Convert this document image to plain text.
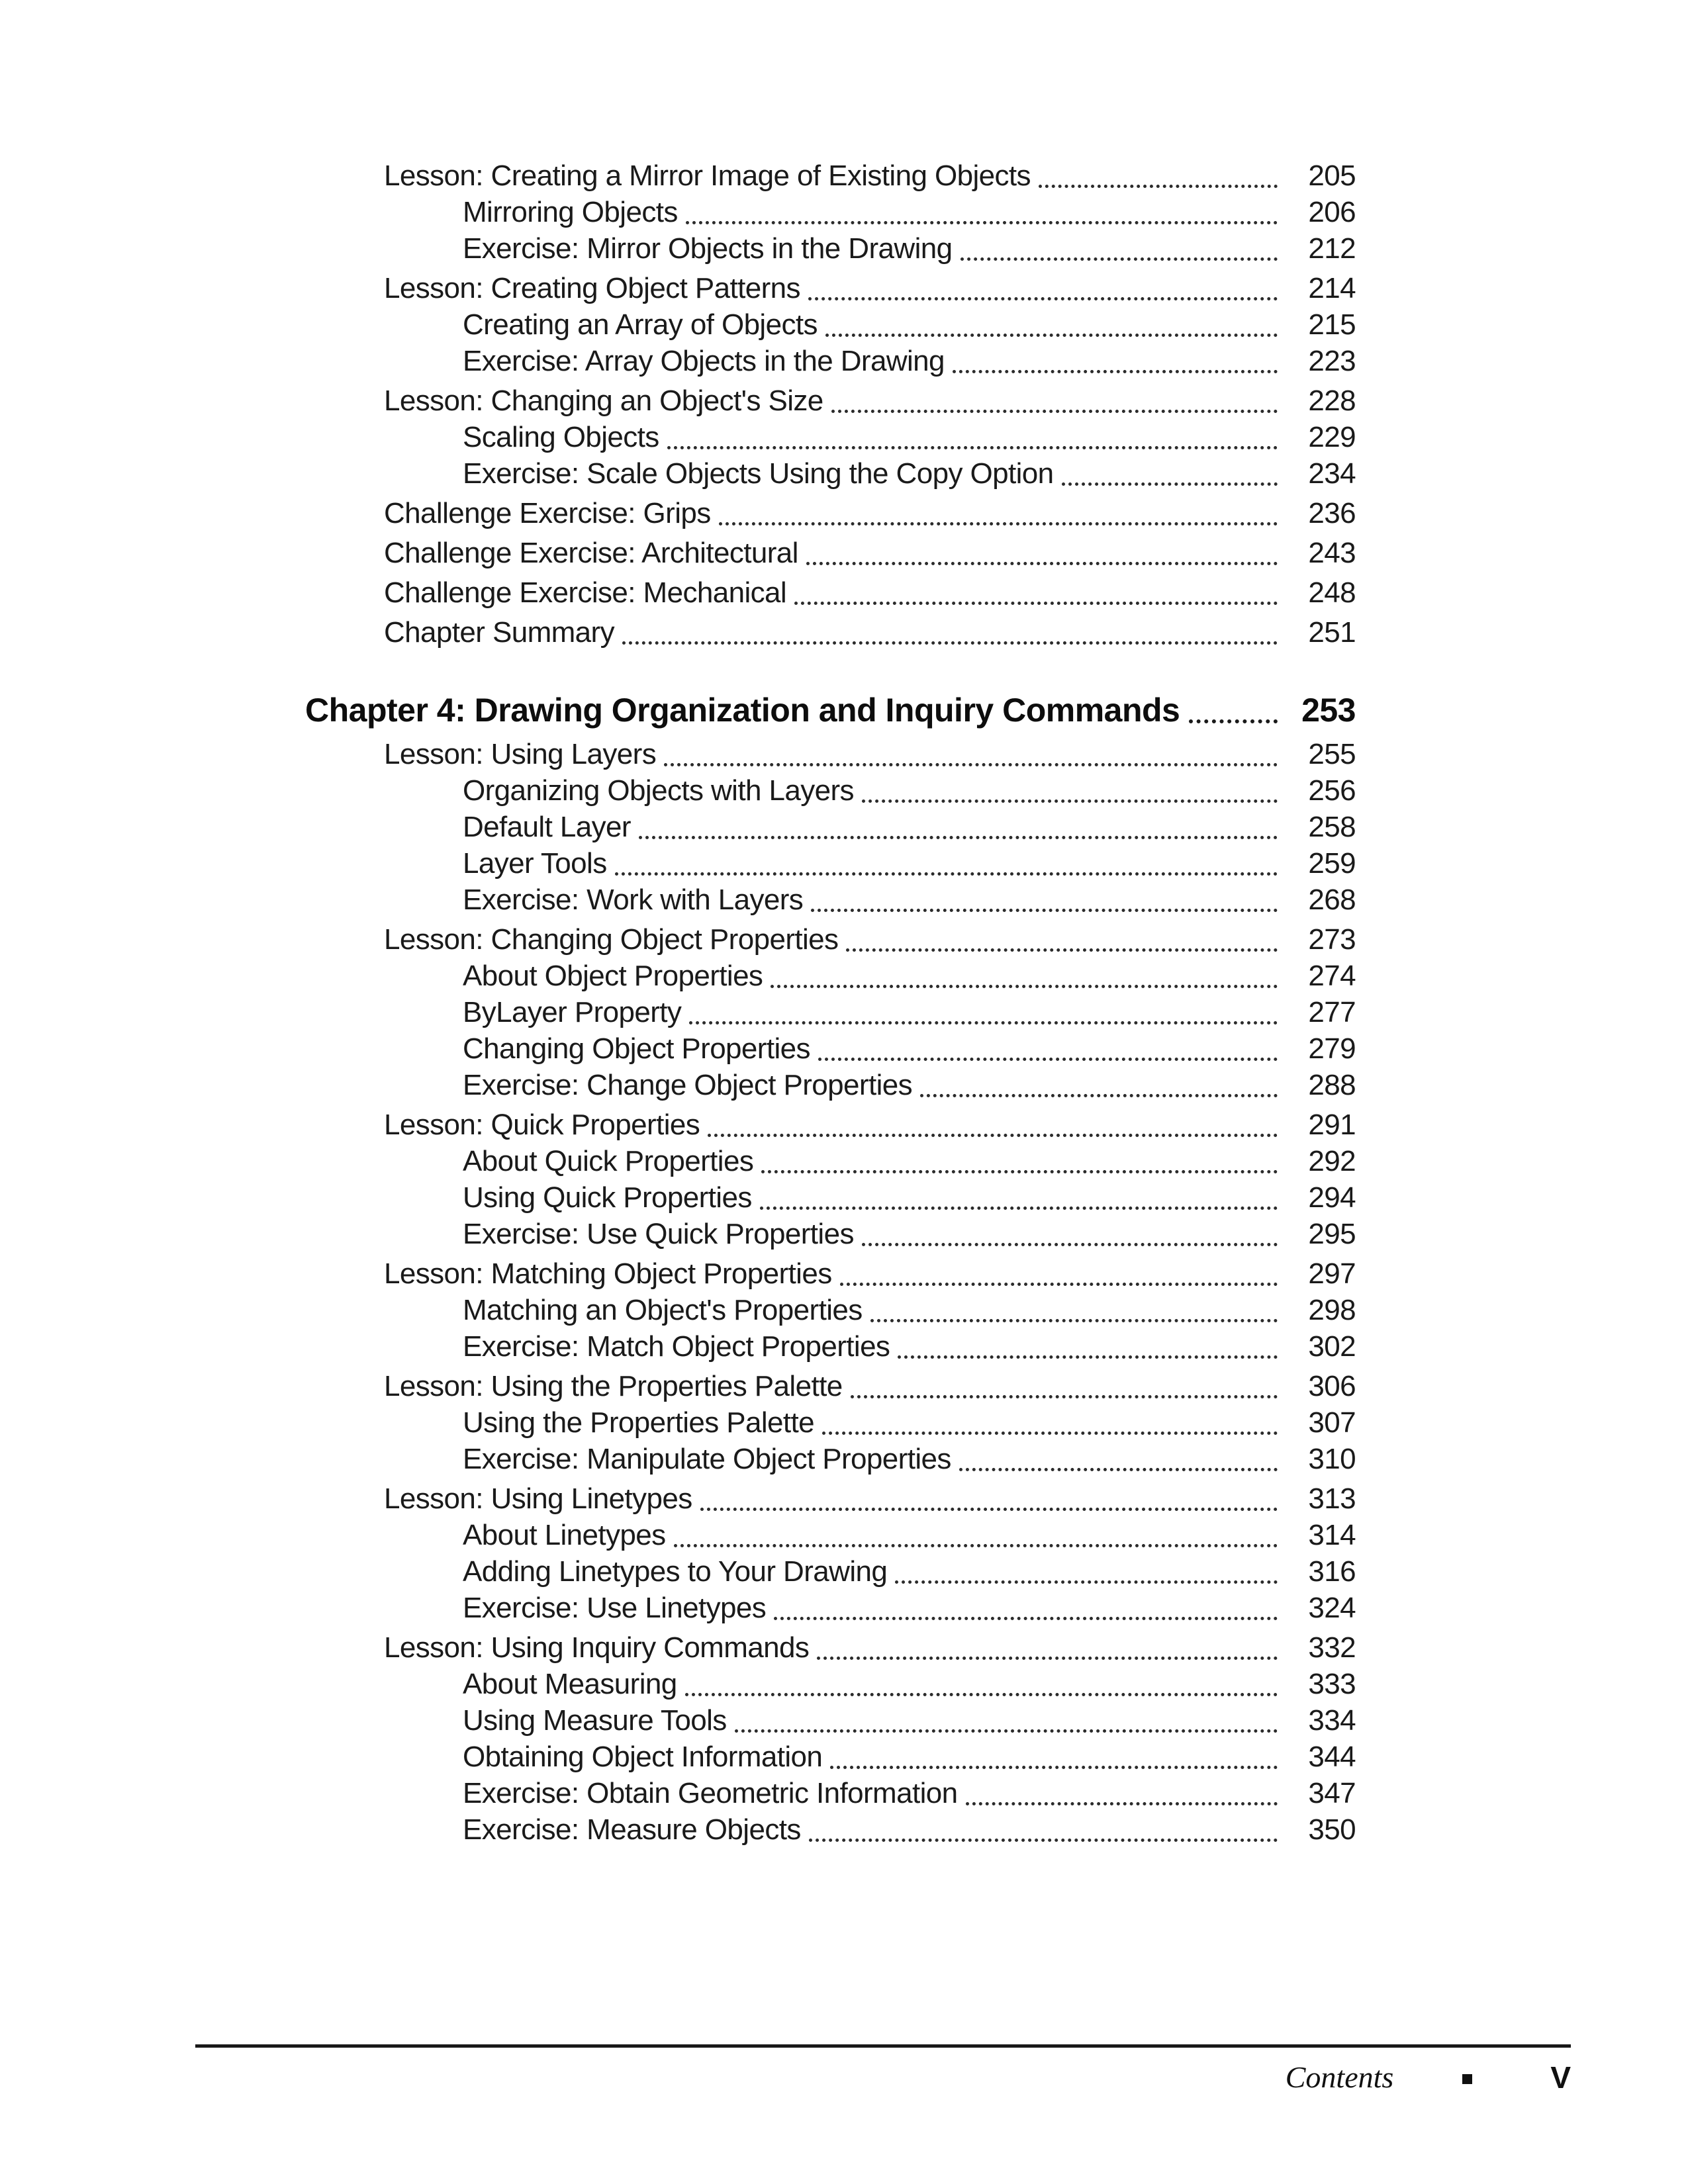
Lesson: Creating a Mirror Image of Existing Objects	205
Mirroring Objects	206
Exercise: Mirror Objects in the Drawing	212
Lesson: Creating Object Patterns	214
Creating an Array of Objects	215
Exercise: Array Objects in the Drawing	223
Lesson: Changing an Object's Size	228
Scaling Objects	229
Exercise: Scale Objects Using the Copy Option	234
Challenge Exercise: Grips	236
Challenge Exercise: Architectural	243
Challenge Exercise: Mechanical	248
Chapter Summary	251
Chapter 4: Drawing Organization and Inquiry Commands	253
Lesson: Using Layers	255
Organizing Objects with Layers	256
Default Layer	258
Layer Tools	259
Exercise: Work with Layers	268
Lesson: Changing Object Properties	273
About Object Properties	274
ByLayer Property	277
Changing Object Properties	279
Exercise: Change Object Properties	288
Lesson: Quick Properties	291
About Quick Properties	292
Using Quick Properties	294
Exercise: Use Quick Properties	295
Lesson: Matching Object Properties	297
Matching an Object's Properties	298
Exercise: Match Object Properties	302
Lesson: Using the Properties Palette	306
Using the Properties Palette	307
Exercise: Manipulate Object Properties	310
Lesson: Using Linetypes	313
About Linetypes	314
Adding Linetypes to Your Drawing	316
Exercise: Use Linetypes	324
Lesson: Using Inquiry Commands	332
About Measuring	333
Using Measure Tools	334
Obtaining Object Information	344
Exercise: Obtain Geometric Information	347
Exercise: Measure Objects	350
Contents	V
